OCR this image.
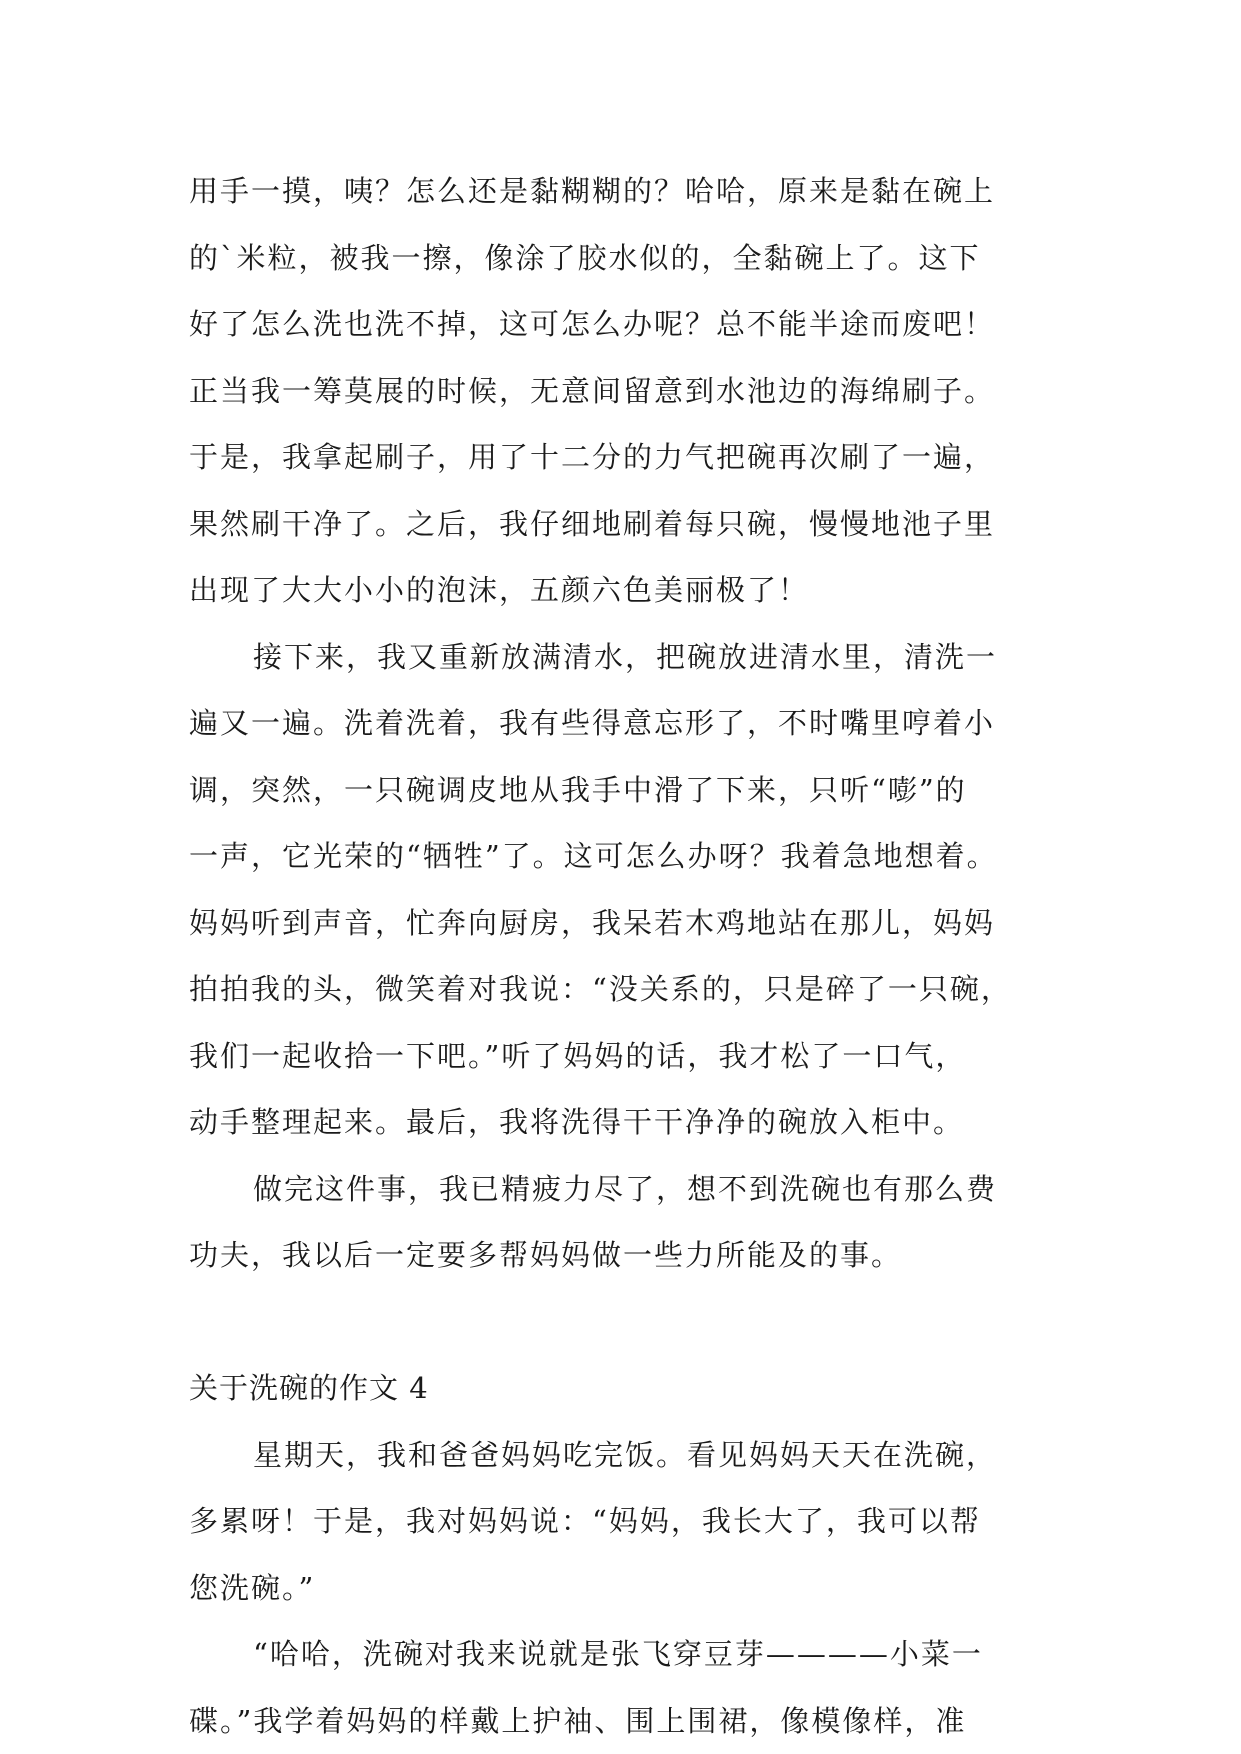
用手一摸，咦？怎么还是黏糊糊的？哈哈，原来是黏在碗上
的`米粒，被我一擦，像涂了胶水似的，全黏碗上了。这下
好了怎么洗也洗不掉，这可怎么办呢？总不能半途而废吧！
正当我一筹莫展的时候，无意间留意到水池边的海绵刷子。
于是，我拿起刷子，用了十二分的力气把碗再次刷了一遍，
果然刷干净了。之后，我仔细地刷着每只碗，慢慢地池子里
出现了大大小小的泡沫，五颜六色美丽极了！
接下来，我又重新放满清水，把碗放进清水里，清洗一
遍又一遍。洗着洗着，我有些得意忘形了，不时嘴里哼着小
调，突然，一只碗调皮地从我手中滑了下来，只听“嘭”的
一声，它光荣的“牺牲”了。这可怎么办呀？我着急地想着。
妈妈听到声音，忙奔向厨房，我呆若木鸡地站在那儿，妈妈
拍拍我的头，微笑着对我说：“没关系的，只是碎了一只碗，
我们一起收拾一下吧。”听了妈妈的话，我才松了一口气，
动手整理起来。最后，我将洗得干干净净的碗放入柜中。
做完这件事，我已精疲力尽了，想不到洗碗也有那么费
功夫，我以后一定要多帮妈妈做一些力所能及的事。
关于洗碗的作文 4
星期天，我和爸爸妈妈吃完饭。看见妈妈天天在洗碗，
多累呀！于是，我对妈妈说：“妈妈，我长大了，我可以帮
您洗碗。”
“哈哈，洗碗对我来说就是张飞穿豆芽————小菜一
碟。”我学着妈妈的样戴上护袖、围上围裙，像模像样，准
